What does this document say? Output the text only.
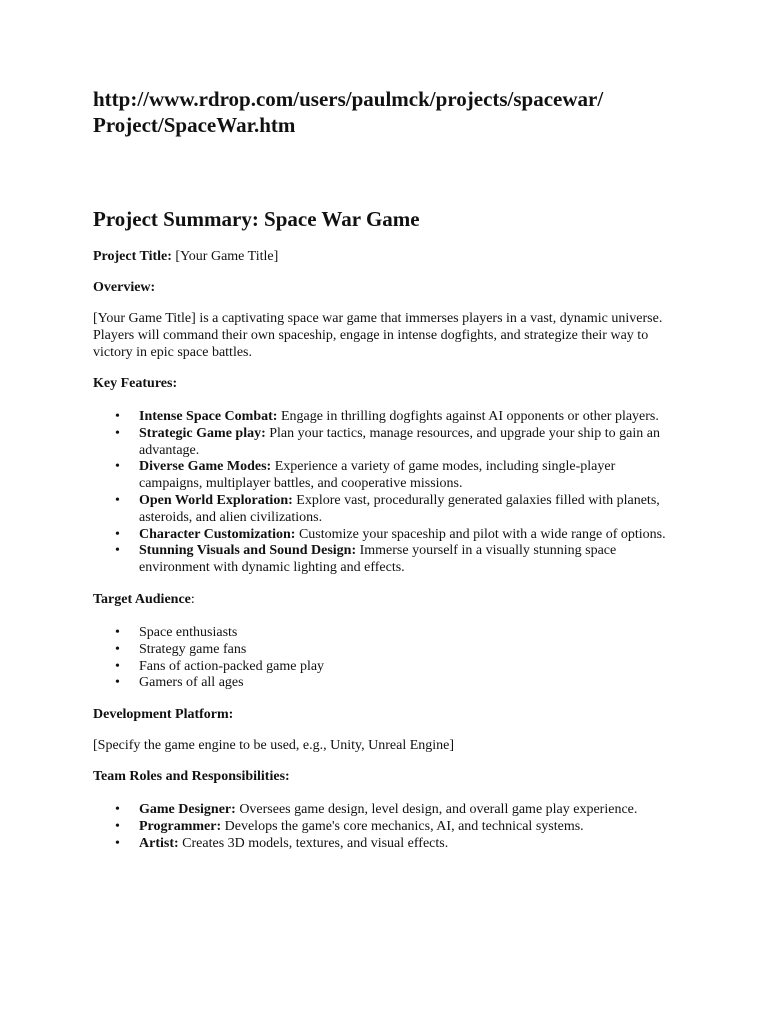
http://www.rdrop.com/users/paulmck/projects/spacewar/
Project/SpaceWar.htm
Project Summary: Space War Game

Project Title: [Your Game Title]

Overview:

[Your Game Title] is a captivating space war game that immerses players in a vast, dynamic universe. Players will command their own spaceship, engage in intense dogfights, and strategize their way to victory in epic space battles.

Key Features:

• Intense Space Combat: Engage in thrilling dogfights against AI opponents or other players.
• Strategic Game play: Plan your tactics, manage resources, and upgrade your ship to gain an advantage.
• Diverse Game Modes: Experience a variety of game modes, including single-player campaigns, multiplayer battles, and cooperative missions.
• Open World Exploration: Explore vast, procedurally generated galaxies filled with planets, asteroids, and alien civilizations.
• Character Customization: Customize your spaceship and pilot with a wide range of options.
• Stunning Visuals and Sound Design: Immerse yourself in a visually stunning space environment with dynamic lighting and effects.

Target Audience:

• Space enthusiasts
• Strategy game fans
• Fans of action-packed game play
• Gamers of all ages

Development Platform:

[Specify the game engine to be used, e.g., Unity, Unreal Engine]

Team Roles and Responsibilities:

• Game Designer: Oversees game design, level design, and overall game play experience.
• Programmer: Develops the game's core mechanics, AI, and technical systems.
• Artist: Creates 3D models, textures, and visual effects.
